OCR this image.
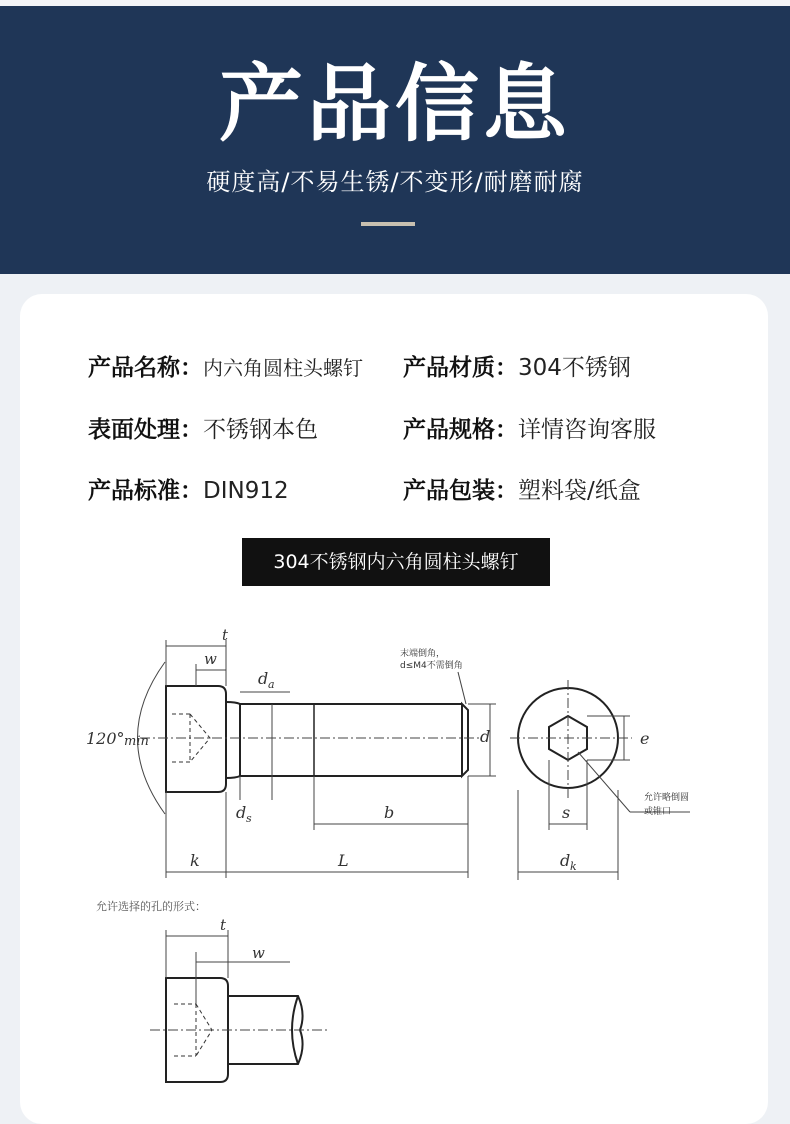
产品信息
硬度高/不易生锈/不变形/耐磨耐腐
产品名称：内六角圆柱头螺钉 产品材质：304不锈钢
表面处理：不锈钢本色	产品规格：详情咨询客服
产品标准：DIN912	产品包装：塑料袋/纸盒
304不锈钢内六角圆柱头螺钉
t
w
d a
d	e
120° min
d s	b
k	L
s
d k
末端倒角，
d≤M4不需倒角
允许略倒圆
或锥口
允许选择的孔的形式：
t
w
